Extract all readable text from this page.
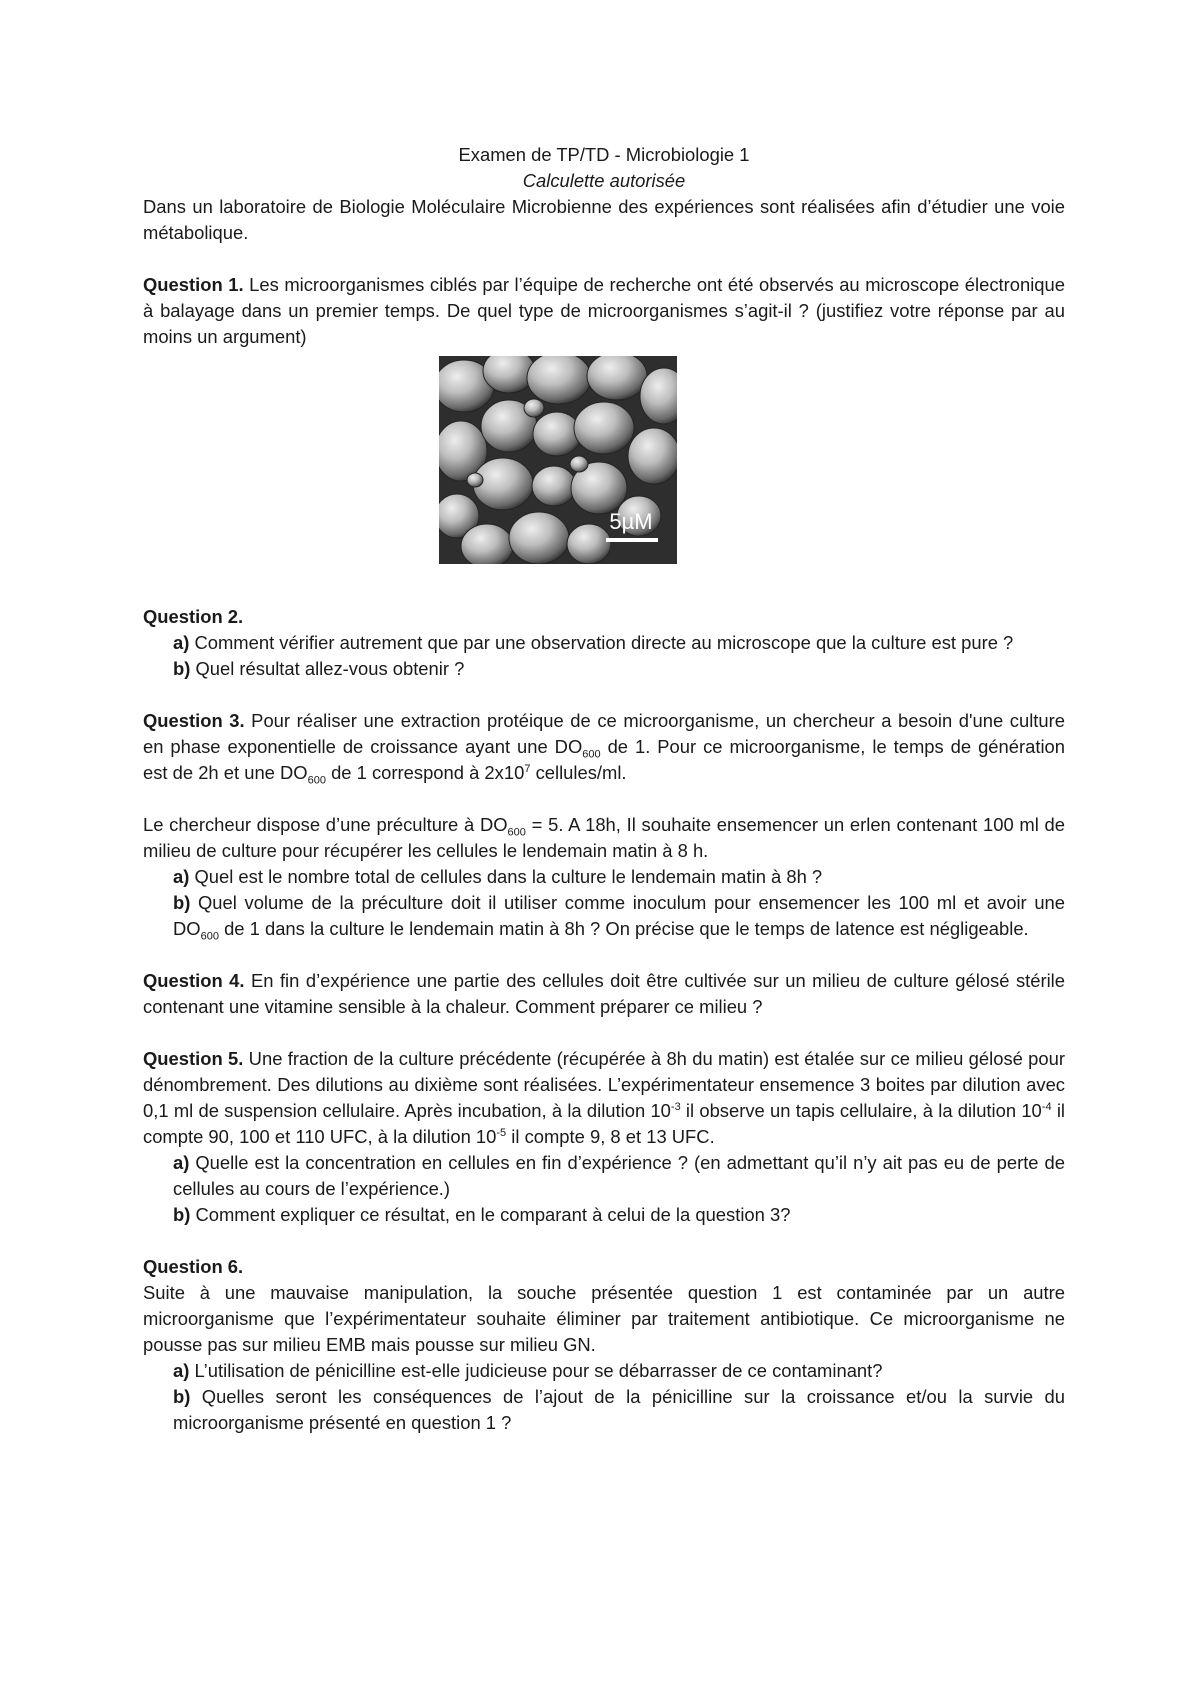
Examen de TP/TD - Microbiologie 1

Calculette autorisée

Dans un laboratoire de Biologie Moléculaire Microbienne des expériences sont réalisées afin d’étudier une voie métabolique.

Question 1. Les microorganismes ciblés par l’équipe de recherche ont été observés au microscope électronique à balayage dans un premier temps. De quel type de microorganismes s’agit-il ? (justifiez votre réponse par au moins un argument)

5µM

Question 2.

a) Comment vérifier autrement que par une observation directe au microscope que la culture est pure ?

b) Quel résultat allez-vous obtenir ?

Question 3. Pour réaliser une extraction protéique de ce microorganisme, un chercheur a besoin d'une culture en phase exponentielle de croissance ayant une $DO_{600}$ de 1. Pour ce microorganisme, le temps de génération est de 2h et une $DO_{600}$ de 1 correspond à $2x10^7$ cellules/ml.

Le chercheur dispose d’une préculture à $DO_{600} = 5$. A 18h, Il souhaite ensemencer un erlen contenant 100 ml de milieu de culture pour récupérer les cellules le lendemain matin à 8 h.

a) Quel est le nombre total de cellules dans la culture le lendemain matin à 8h ?

b) Quel volume de la préculture doit il utiliser comme inoculum pour ensemencer les 100 ml et avoir une $DO_{600}$ de 1 dans la culture le lendemain matin à 8h ? On précise que le temps de latence est négligeable.

Question 4. En fin d’expérience une partie des cellules doit être cultivée sur un milieu de culture gélosé stérile contenant une vitamine sensible à la chaleur. Comment préparer ce milieu ?

Question 5. Une fraction de la culture précédente (récupérée à 8h du matin) est étalée sur ce milieu gélosé pour dénombrement. Des dilutions au dixième sont réalisées. L’expérimentateur ensemence 3 boites par dilution avec 0,1 ml de suspension cellulaire. Après incubation, à la dilution $10^{-3}$ il observe un tapis cellulaire, à la dilution $10^{-4}$ il compte 90, 100 et 110 UFC, à la dilution $10^{-5}$ il compte 9, 8 et 13 UFC.

a) Quelle est la concentration en cellules en fin d’expérience ? (en admettant qu’il n’y ait pas eu de perte de cellules au cours de l’expérience.)

b) Comment expliquer ce résultat, en le comparant à celui de la question 3?

Question 6.

Suite à une mauvaise manipulation, la souche présentée question 1 est contaminée par un autre microorganisme que l’expérimentateur souhaite éliminer par traitement antibiotique. Ce microorganisme ne pousse pas sur milieu EMB mais pousse sur milieu GN.

a) L’utilisation de pénicilline est-elle judicieuse pour se débarrasser de ce contaminant?

b) Quelles seront les conséquences de l’ajout de la pénicilline sur la croissance et/ou la survie du microorganisme présenté en question 1 ?
